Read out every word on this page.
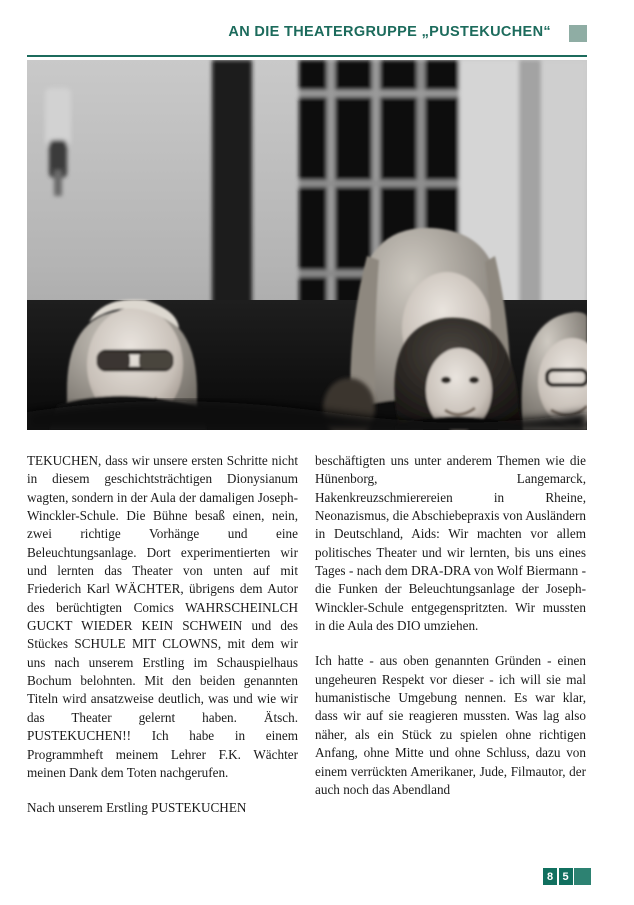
AN DIE THEATERGRUPPE „PUSTEKUCHEN“

TEKUCHEN, dass wir unsere ersten Schritte nicht in diesem geschichtsträchtigen Dionysianum wagten, sondern in der Aula der damaligen Joseph-Winckler-Schule. Die Bühne besaß einen, nein, zwei richtige Vorhänge und eine Beleuchtungsanlage. Dort experimentierten wir und lernten das Theater von unten auf mit Friederich Karl WÄCHTER, übrigens dem Autor des berüchtigten Comics WAHRSCHEINLCH GUCKT WIEDER KEIN SCHWEIN und des Stückes SCHULE MIT CLOWNS, mit dem wir uns nach unserem Erstling im Schauspielhaus Bochum belohnten. Mit den beiden genannten Titeln wird ansatzweise deutlich, was und wie wir das Theater gelernt haben. Ätsch. PUSTEKUCHEN!! Ich habe in einem Programmheft meinem Lehrer F.K. Wächter meinen Dank dem Toten nachgerufen.

Nach unserem Erstling PUSTEKUCHEN

beschäftigten uns unter anderem Themen wie die Hünenborg, Langemarck, Hakenkreuzschmierereien in Rheine, Neonazismus, die Abschiebepraxis von Ausländern in Deutschland, Aids: Wir machten vor allem politisches Theater und wir lernten, bis uns eines Tages - nach dem DRA-DRA von Wolf Biermann - die Funken der Beleuchtungsanlage der Joseph-Winckler-Schule entgegenspritzten. Wir mussten in die Aula des DIO umziehen.

Ich hatte - aus oben genannten Gründen - einen ungeheuren Respekt vor dieser - ich will sie mal humanistische Umgebung nennen. Es war klar, dass wir auf sie reagieren mussten. Was lag also näher, als ein Stück zu spielen ohne richtigen Anfang, ohne Mitte und ohne Schluss, dazu von einem verrückten Amerikaner, Jude, Filmautor, der auch noch das Abendland

8 5
